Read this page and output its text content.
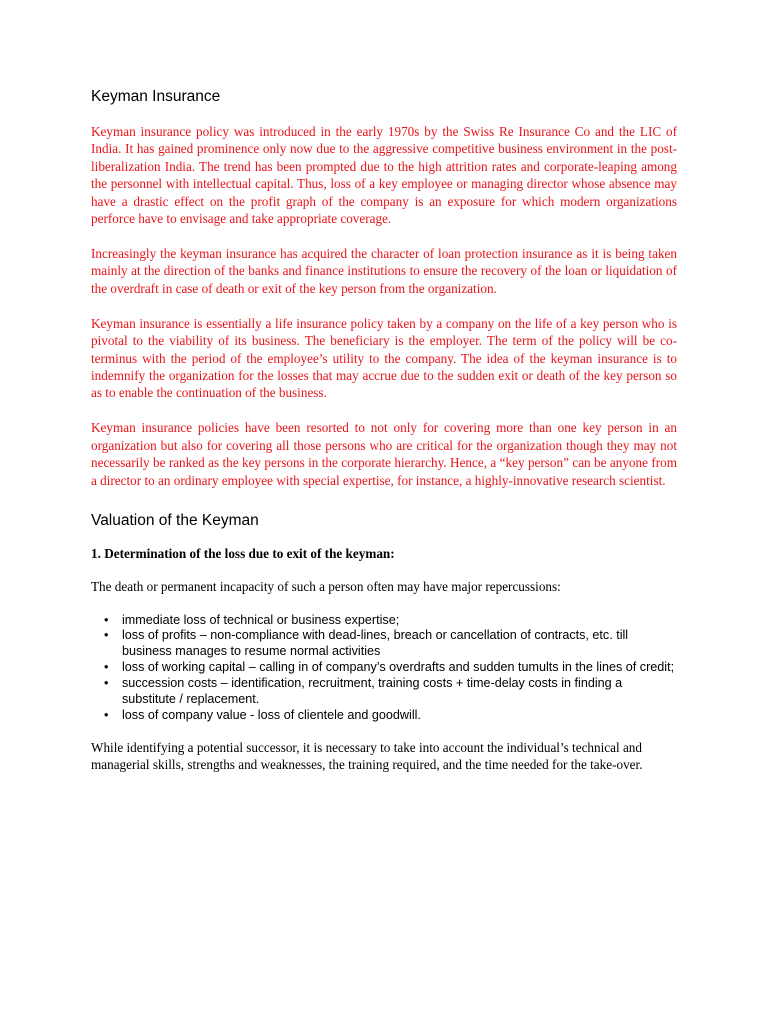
Keyman Insurance

Keyman insurance policy was introduced in the early 1970s by the Swiss Re Insurance Co and the LIC of India. It has gained prominence only now due to the aggressive competitive business environment in the post-liberalization India. The trend has been prompted due to the high attrition rates and corporate-leaping among the personnel with intellectual capital. Thus, loss of a key employee or managing director whose absence may have a drastic effect on the profit graph of the company is an exposure for which modern organizations perforce have to envisage and take appropriate coverage.

Increasingly the keyman insurance has acquired the character of loan protection insurance as it is being taken mainly at the direction of the banks and finance institutions to ensure the recovery of the loan or liquidation of the overdraft in case of death or exit of the key person from the organization.

Keyman insurance is essentially a life insurance policy taken by a company on the life of a key person who is pivotal to the viability of its business. The beneficiary is the employer. The term of the policy will be co-terminus with the period of the employee’s utility to the company. The idea of the keyman insurance is to indemnify the organization for the losses that may accrue due to the sudden exit or death of the key person so as to enable the continuation of the business.

Keyman insurance policies have been resorted to not only for covering more than one key person in an organization but also for covering all those persons who are critical for the organization though they may not necessarily be ranked as the key persons in the corporate hierarchy. Hence, a “key person” can be anyone from a director to an ordinary employee with special expertise, for instance, a highly-innovative research scientist.

Valuation of the Keyman

1. Determination of the loss due to exit of the keyman:

The death or permanent incapacity of such a person often may have major repercussions:

• immediate loss of technical or business expertise;
• loss of profits – non-compliance with dead-lines, breach or cancellation of contracts, etc. till business manages to resume normal activities
• loss of working capital – calling in of company’s overdrafts and sudden tumults in the lines of credit;
• succession costs – identification, recruitment, training costs + time-delay costs in finding a substitute / replacement.
• loss of company value - loss of clientele and goodwill.

While identifying a potential successor, it is necessary to take into account the individual’s technical and managerial skills, strengths and weaknesses, the training required, and the time needed for the take-over.
